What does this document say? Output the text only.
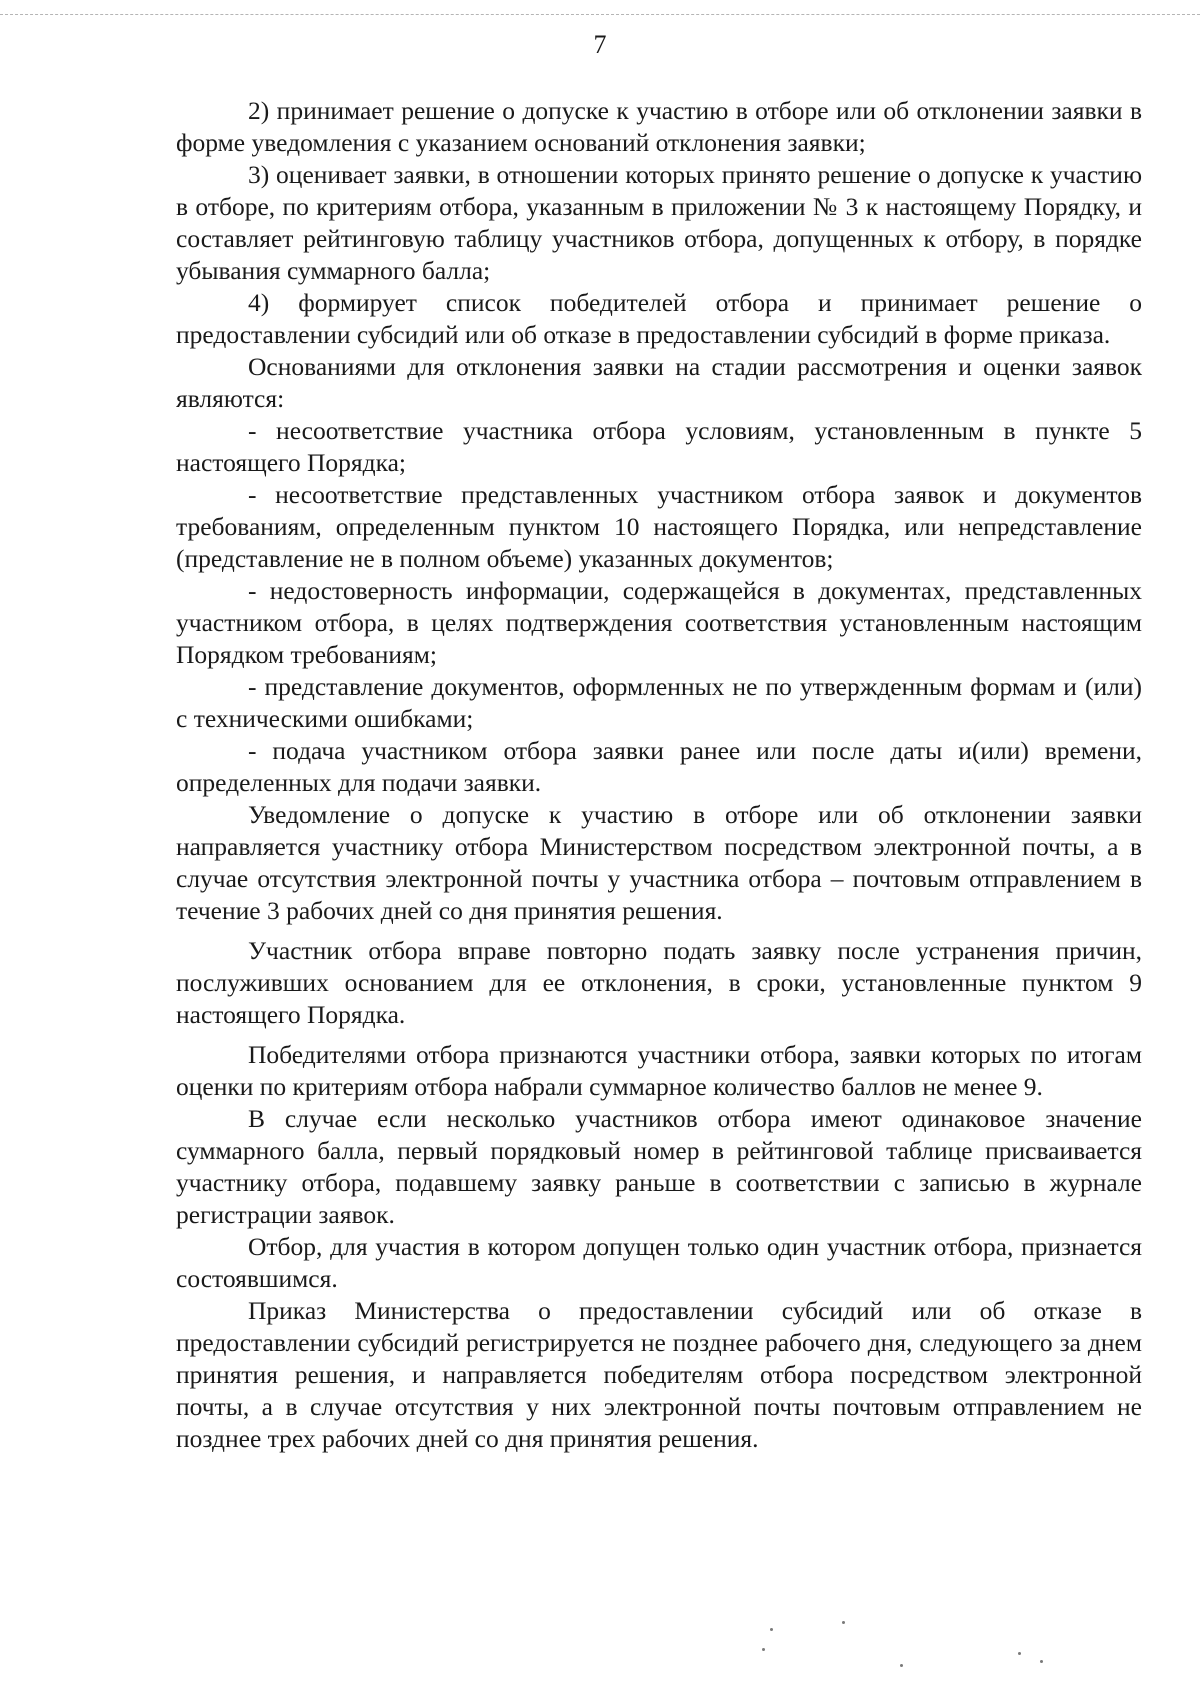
7

2) принимает решение о допуске к участию в отборе или об отклонении заявки в форме уведомления с указанием оснований отклонения заявки;

3) оценивает заявки, в отношении которых принято решение о допуске к участию в отборе, по критериям отбора, указанным в приложении № 3 к настоящему Порядку, и составляет рейтинговую таблицу участников отбора, допущенных к отбору, в порядке убывания суммарного балла;

4) формирует список победителей отбора и принимает решение о предоставлении субсидий или об отказе в предоставлении субсидий в форме приказа.

Основаниями для отклонения заявки на стадии рассмотрения и оценки заявок являются:

- несоответствие участника отбора условиям, установленным в пункте 5 настоящего Порядка;

- несоответствие представленных участником отбора заявок и документов требованиям, определенным пунктом 10 настоящего Порядка, или непредставление (представление не в полном объеме) указанных документов;

- недостоверность информации, содержащейся в документах, представленных участником отбора, в целях подтверждения соответствия установленным настоящим Порядком требованиям;

- представление документов, оформленных не по утвержденным формам и (или) с техническими ошибками;

- подача участником отбора заявки ранее или после даты и(или) времени, определенных для подачи заявки.

Уведомление о допуске к участию в отборе или об отклонении заявки направляется участнику отбора Министерством посредством электронной почты, а в случае отсутствия электронной почты у участника отбора – почтовым отправлением в течение 3 рабочих дней со дня принятия решения.

Участник отбора вправе повторно подать заявку после устранения причин, послуживших основанием для ее отклонения, в сроки, установленные пунктом 9 настоящего Порядка.

Победителями отбора признаются участники отбора, заявки которых по итогам оценки по критериям отбора набрали суммарное количество баллов не менее 9.

В случае если несколько участников отбора имеют одинаковое значение суммарного балла, первый порядковый номер в рейтинговой таблице присваивается участнику отбора, подавшему заявку раньше в соответствии с записью в журнале регистрации заявок.

Отбор, для участия в котором допущен только один участник отбора, признается состоявшимся.

Приказ Министерства о предоставлении субсидий или об отказе в предоставлении субсидий регистрируется не позднее рабочего дня, следующего за днем принятия решения, и направляется победителям отбора посредством электронной почты, а в случае отсутствия у них электронной почты почтовым отправлением не позднее трех рабочих дней со дня принятия решения.
